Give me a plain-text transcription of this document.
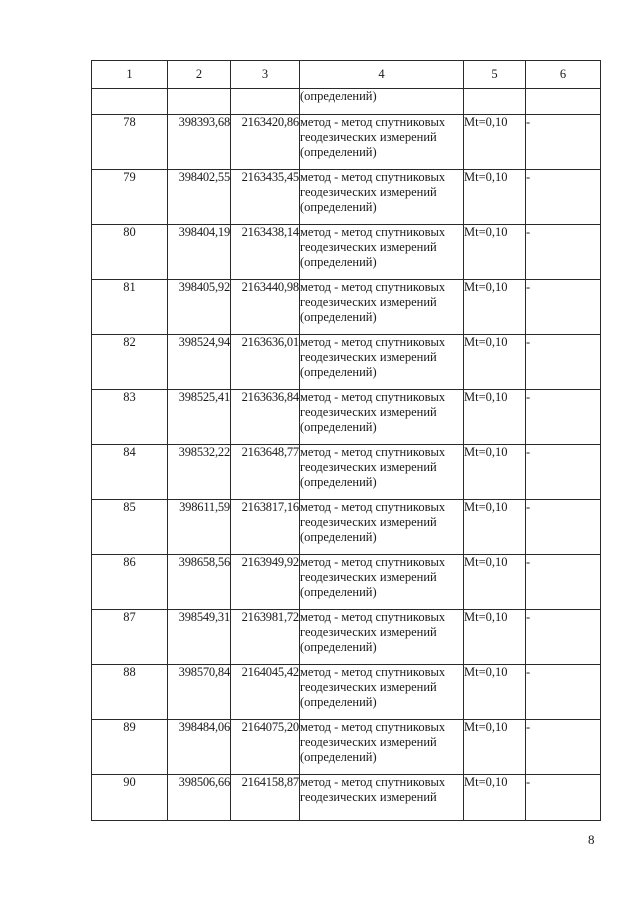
1	2	3	4	5	6
			(определений)		
78	398393,68	2163420,86	метод - метод спутниковых
геодезических измерений
(определений)	Mt=0,10	-
79	398402,55	2163435,45	метод - метод спутниковых
геодезических измерений
(определений)	Mt=0,10	-
80	398404,19	2163438,14	метод - метод спутниковых
геодезических измерений
(определений)	Mt=0,10	-
81	398405,92	2163440,98	метод - метод спутниковых
геодезических измерений
(определений)	Mt=0,10	-
82	398524,94	2163636,01	метод - метод спутниковых
геодезических измерений
(определений)	Mt=0,10	-
83	398525,41	2163636,84	метод - метод спутниковых
геодезических измерений
(определений)	Mt=0,10	-
84	398532,22	2163648,77	метод - метод спутниковых
геодезических измерений
(определений)	Mt=0,10	-
85	398611,59	2163817,16	метод - метод спутниковых
геодезических измерений
(определений)	Mt=0,10	-
86	398658,56	2163949,92	метод - метод спутниковых
геодезических измерений
(определений)	Mt=0,10	-
87	398549,31	2163981,72	метод - метод спутниковых
геодезических измерений
(определений)	Mt=0,10	-
88	398570,84	2164045,42	метод - метод спутниковых
геодезических измерений
(определений)	Mt=0,10	-
89	398484,06	2164075,20	метод - метод спутниковых
геодезических измерений
(определений)	Mt=0,10	-
90	398506,66	2164158,87	метод - метод спутниковых
геодезических измерений	Mt=0,10	-
8
